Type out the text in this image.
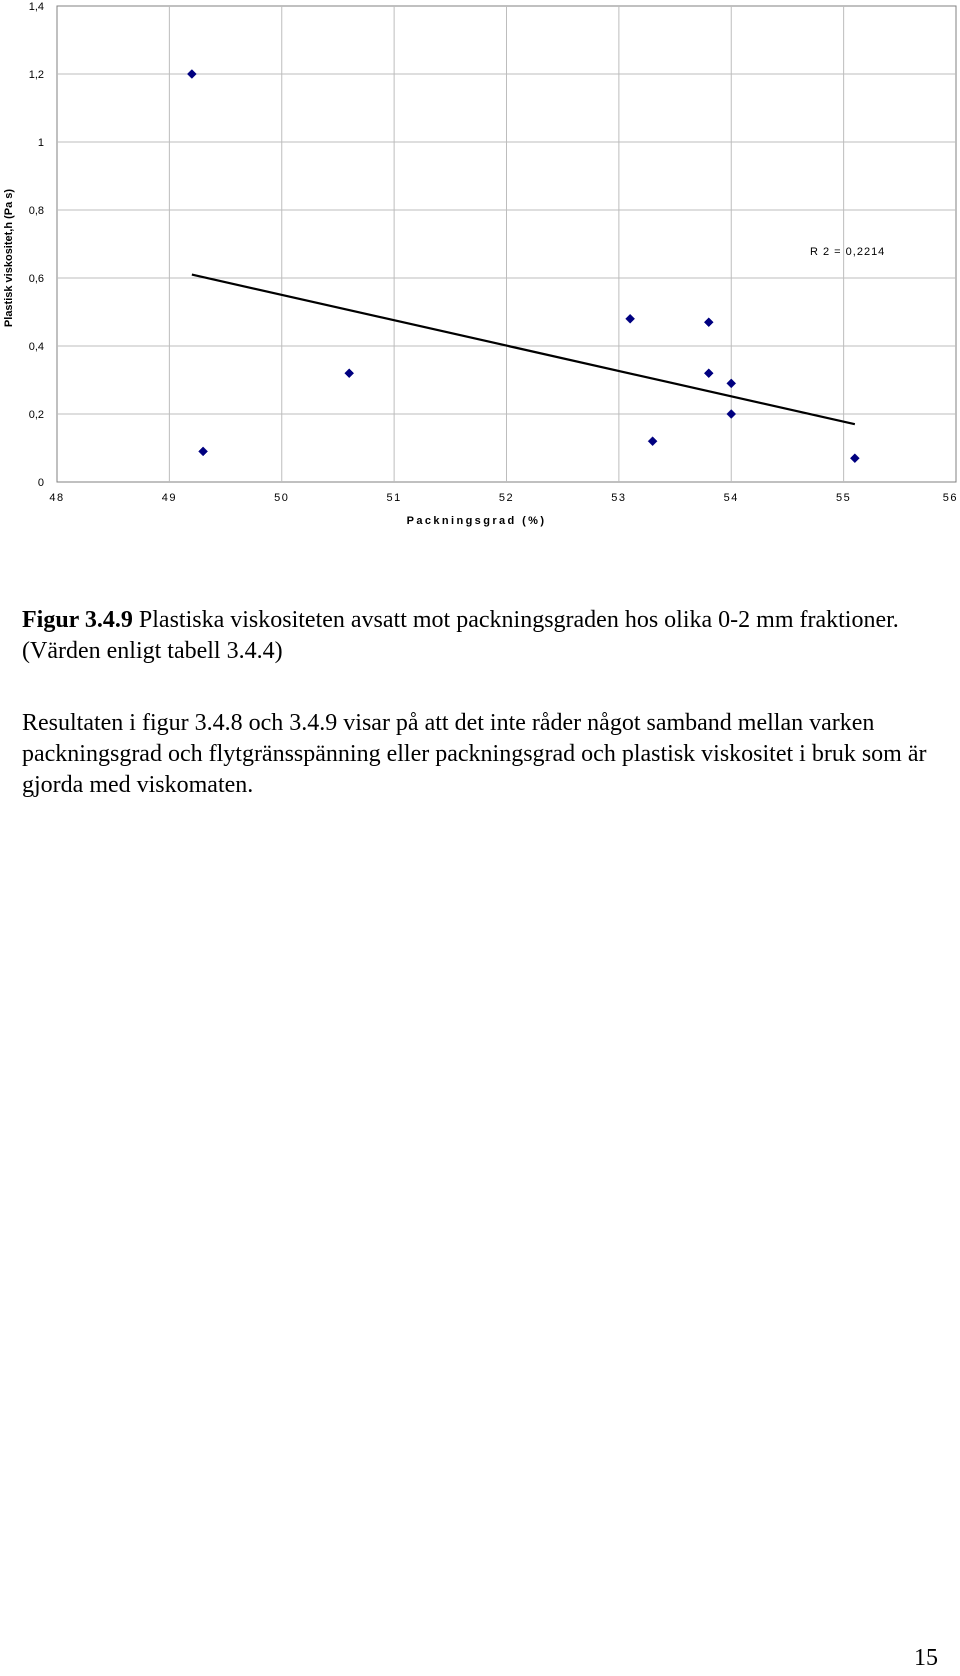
0
0,2
0,4
0,6
0,8
1
1,2
1,4
48	49	50	51	52	53	54	55	56
R 2 = 0,2214
Packningsgrad (%)
Plastisk viskositet,h (Pa s)

Figur 3.4.9 Plastiska viskositeten avsatt mot packningsgraden hos olika 0-2 mm fraktioner. (Värden enligt tabell 3.4.4)

Resultaten i figur 3.4.8 och 3.4.9 visar på att det inte råder något samband mellan varken packningsgrad och flytgränsspänning eller packningsgrad och plastisk viskositet i bruk som är gjorda med viskomaten.

15
